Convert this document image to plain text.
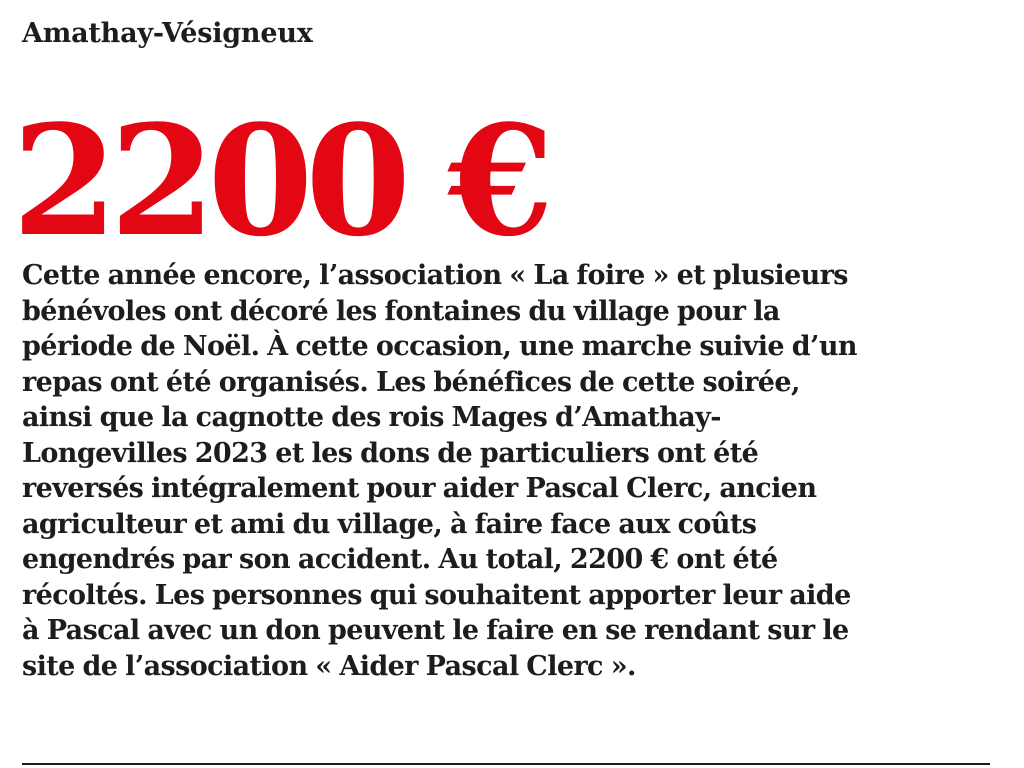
Amathay-Vésigneux
2200 €

Cette année encore, l’association « La foire » et plusieurs
bénévoles ont décoré les fontaines du village pour la
période de Noël. À cette occasion, une marche suivie d’un
repas ont été organisés. Les bénéfices de cette soirée,
ainsi que la cagnotte des rois Mages d’Amathay-
Longevilles 2023 et les dons de particuliers ont été
reversés intégralement pour aider Pascal Clerc, ancien
agriculteur et ami du village, à faire face aux coûts
engendrés par son accident. Au total, 2200 € ont été
récoltés. Les personnes qui souhaitent apporter leur aide
à Pascal avec un don peuvent le faire en se rendant sur le
site de l’association « Aider Pascal Clerc ».
